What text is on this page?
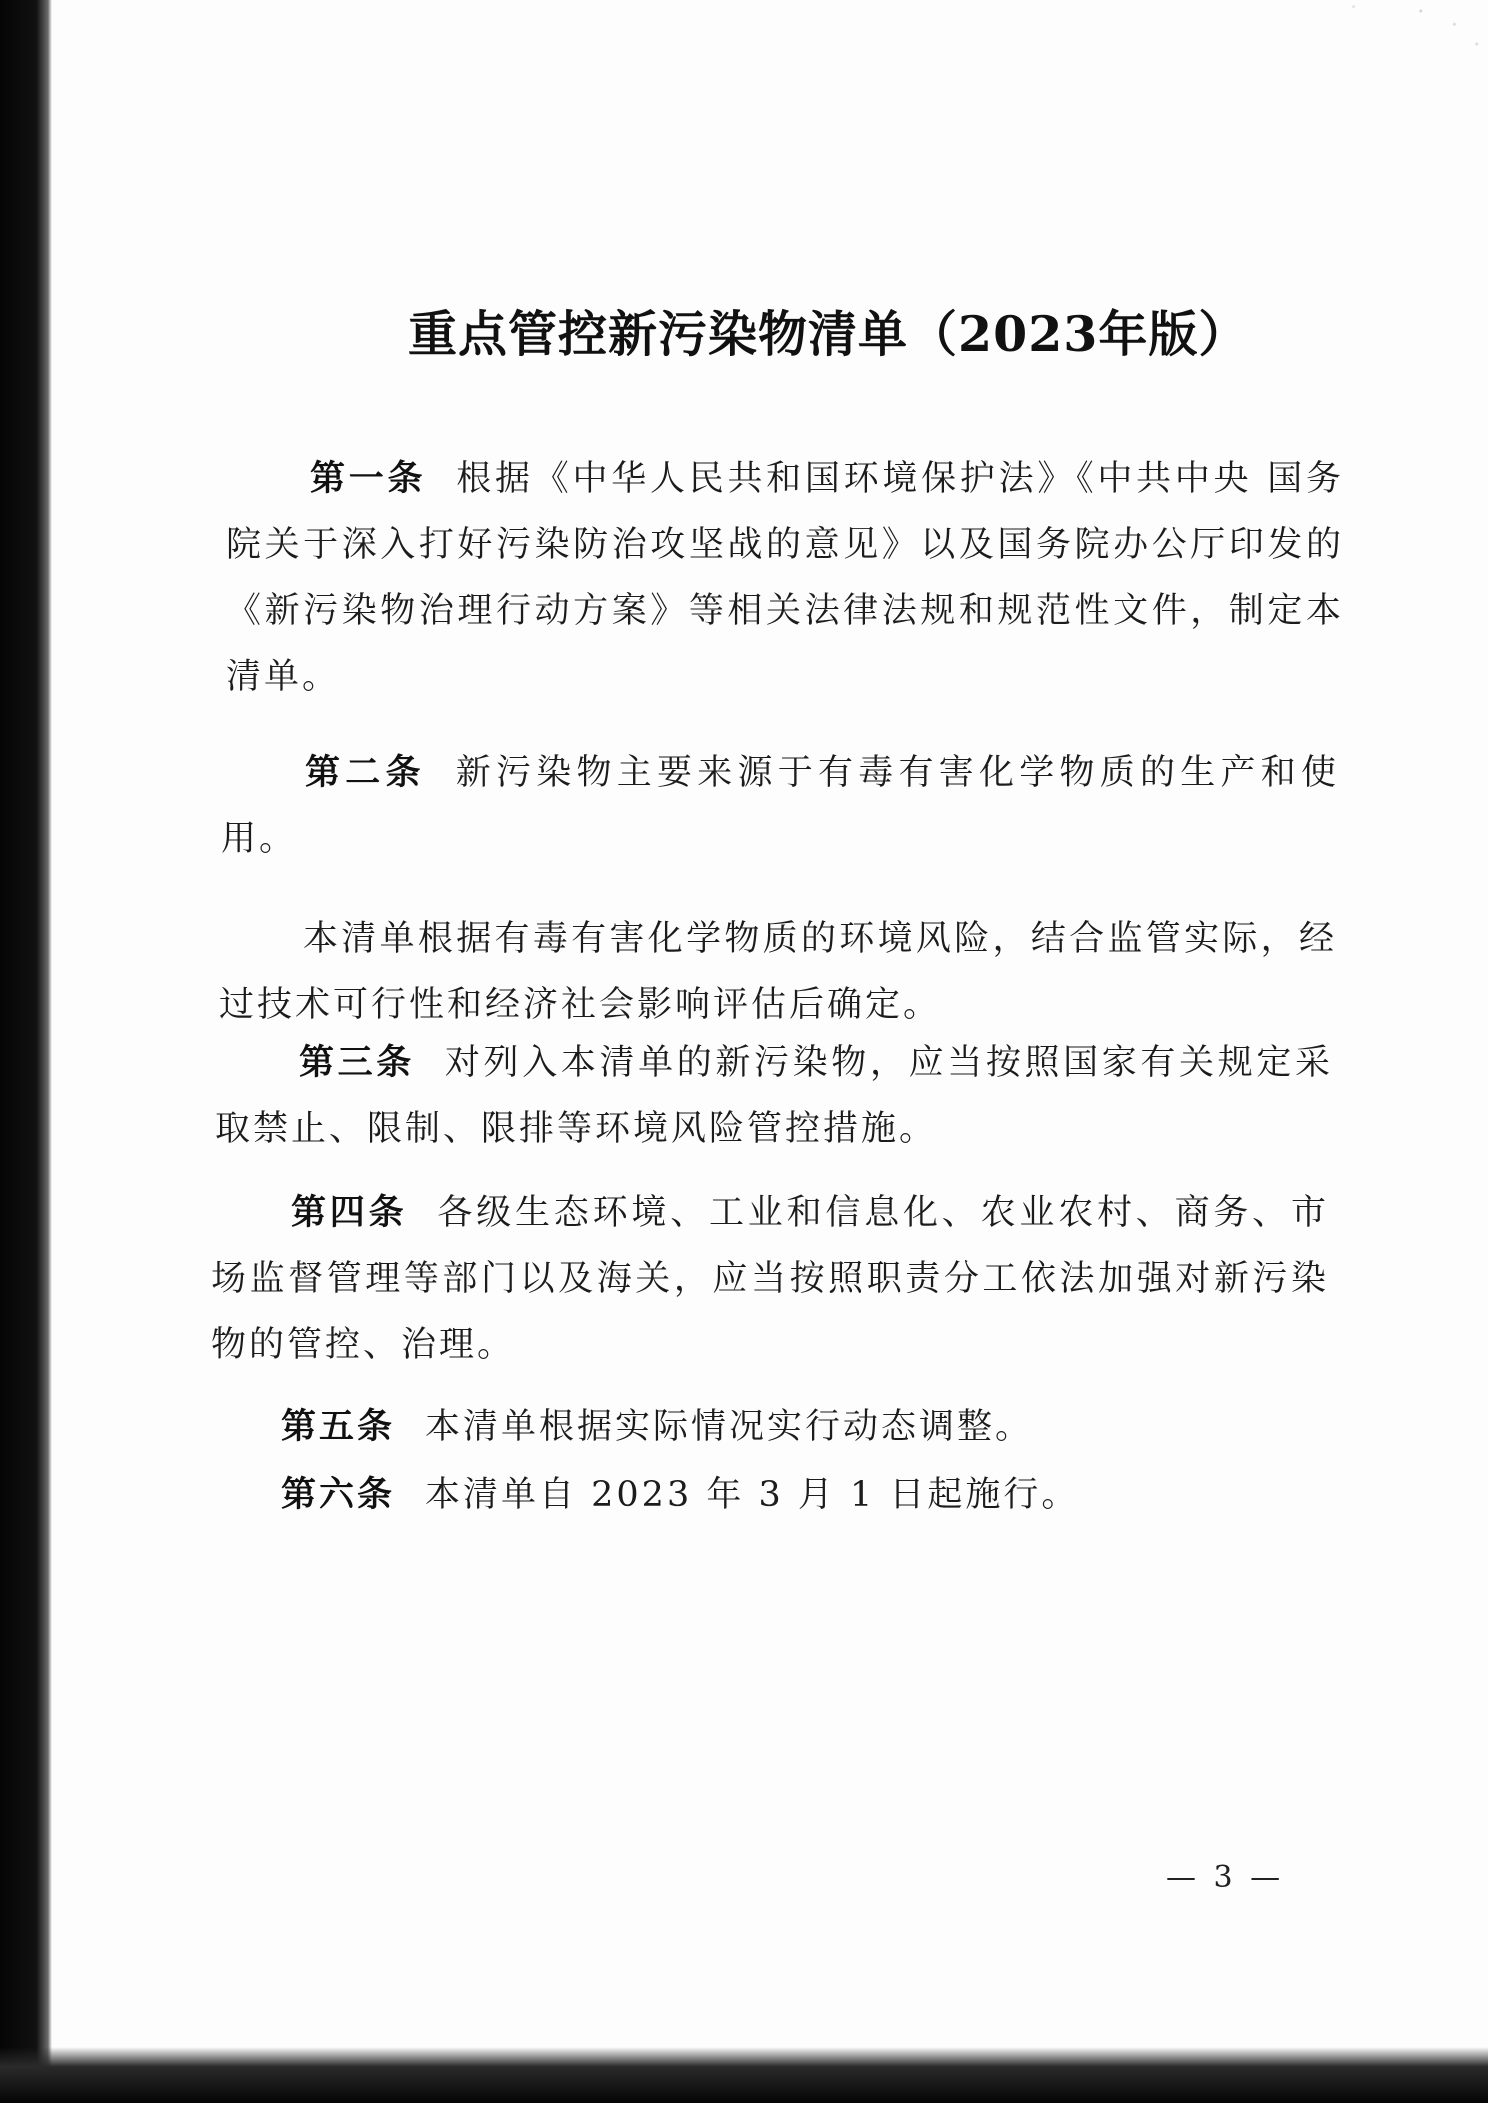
重点管控新污染物清单（2023年版）

第一条 根据《中华人民共和国环境保护法》《中共中央 国务院关于深入打好污染防治攻坚战的意见》以及国务院办公厅印发的《新污染物治理行动方案》等相关法律法规和规范性文件，制定本清单。

第二条 新污染物主要来源于有毒有害化学物质的生产和使用。

本清单根据有毒有害化学物质的环境风险，结合监管实际，经过技术可行性和经济社会影响评估后确定。

第三条 对列入本清单的新污染物，应当按照国家有关规定采取禁止、限制、限排等环境风险管控措施。

第四条 各级生态环境、工业和信息化、农业农村、商务、市场监督管理等部门以及海关，应当按照职责分工依法加强对新污染物的管控、治理。

第五条 本清单根据实际情况实行动态调整。

第六条 本清单自 2023 年 3 月 1 日起施行。

— 3 —
